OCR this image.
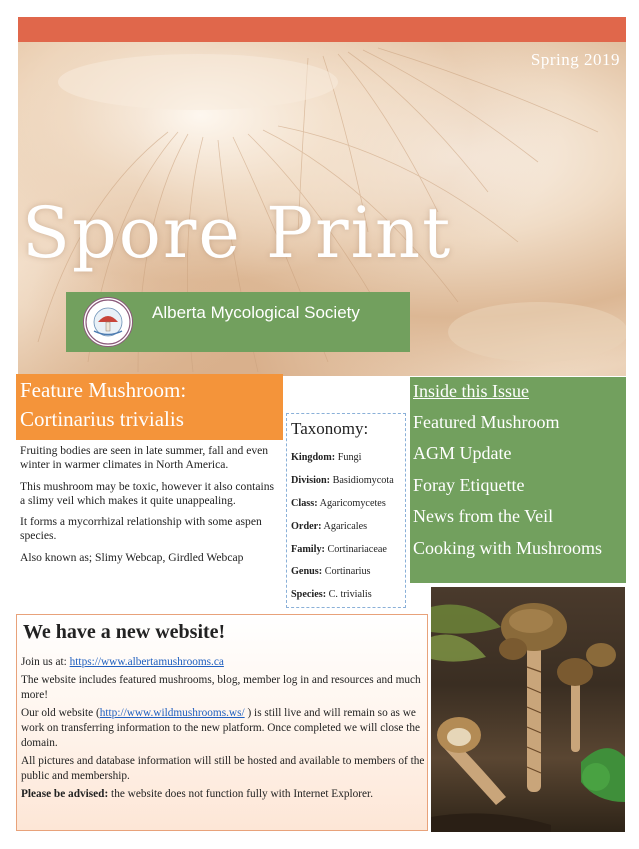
Spring 2019
Spore Print
Alberta Mycological Society
Feature Mushroom:
Cortinarius trivialis

Fruiting bodies are seen in late summer, fall and even winter in warmer climates in North America.

This mushroom may be toxic, however it also contains a slimy veil which makes it quite unappealing.

It forms a mycorrhizal relationship with some aspen species.

Also known as; Slimy Webcap, Girdled Webcap

Taxonomy:
Kingdom: Fungi
Division: Basidiomycota
Class: Agaricomycetes
Order: Agaricales
Family: Cortinariaceae
Genus: Cortinarius
Species: C. trivialis
Inside this Issue
Featured Mushroom
AGM Update
Foray Etiquette
News from the Veil
Cooking with Mushrooms
We have a new website!

Join us at: https://www.albertamushrooms.ca

The website includes featured mushrooms, blog, member log in and resources and much more!

Our old website (http://www.wildmushrooms.ws/ ) is still live and will remain so as we work on transferring information to the new platform. Once completed we will close the domain.

All pictures and database information will still be hosted and available to members of the public and membership.

Please be advised: the website does not function fully with Internet Explorer.
